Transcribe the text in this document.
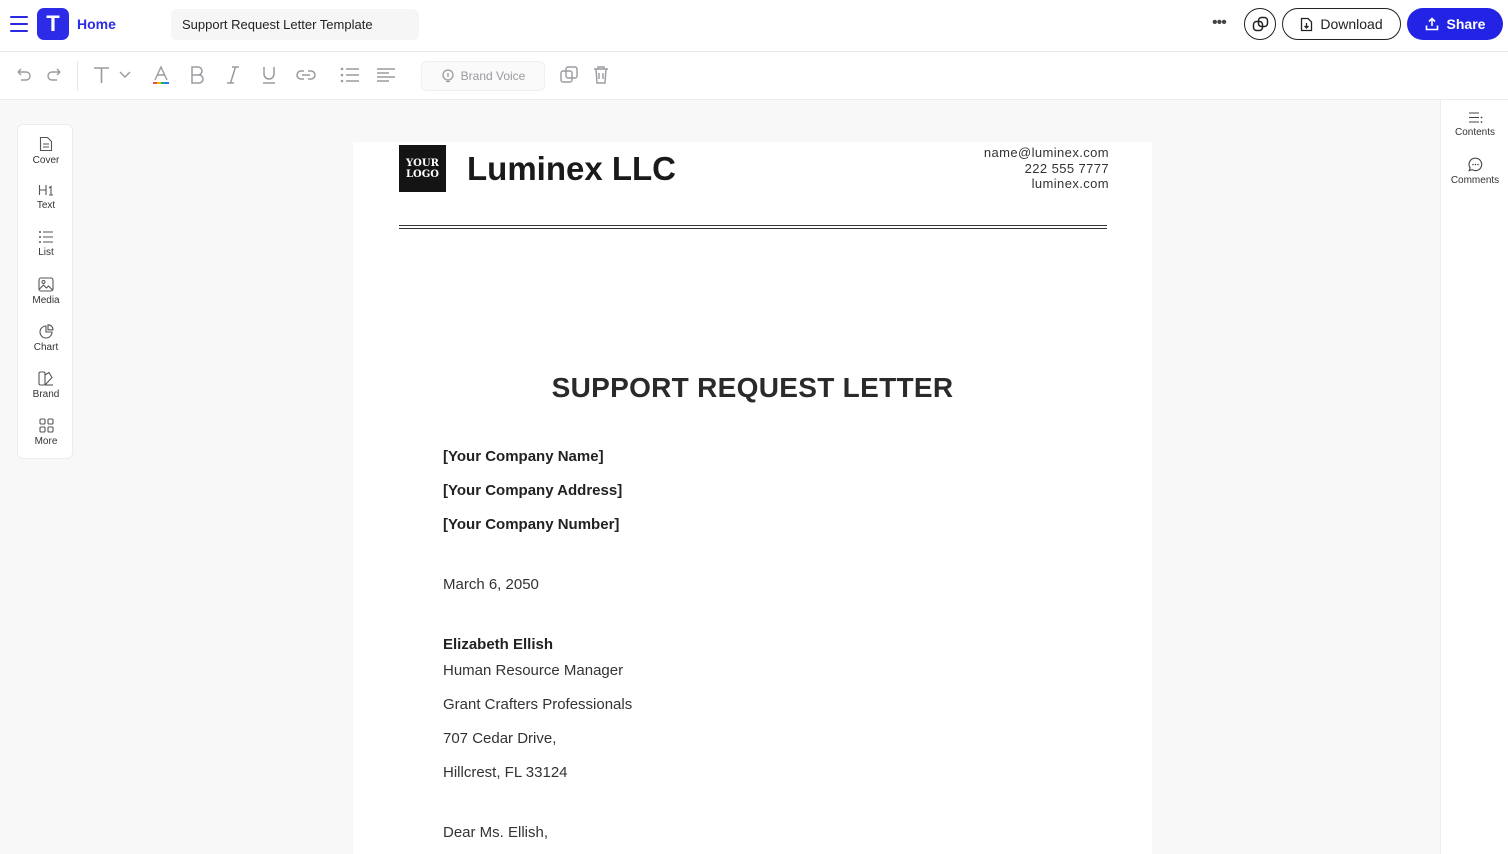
T	Home
Support Request Letter Template	•••	Download	Share
Brand Voice
Cover
Text
List
Media
Chart
Brand
More
Contents
Comments
YOUR
LOGO Luminex LLC	name@luminex.com
222 555 7777
luminex.com
SUPPORT REQUEST LETTER
[Your Company Name]
[Your Company Address]
[Your Company Number]
March 6, 2050
Elizabeth Ellish
Human Resource Manager
Grant Crafters Professionals
707 Cedar Drive,
Hillcrest, FL 33124
Dear Ms. Ellish,
